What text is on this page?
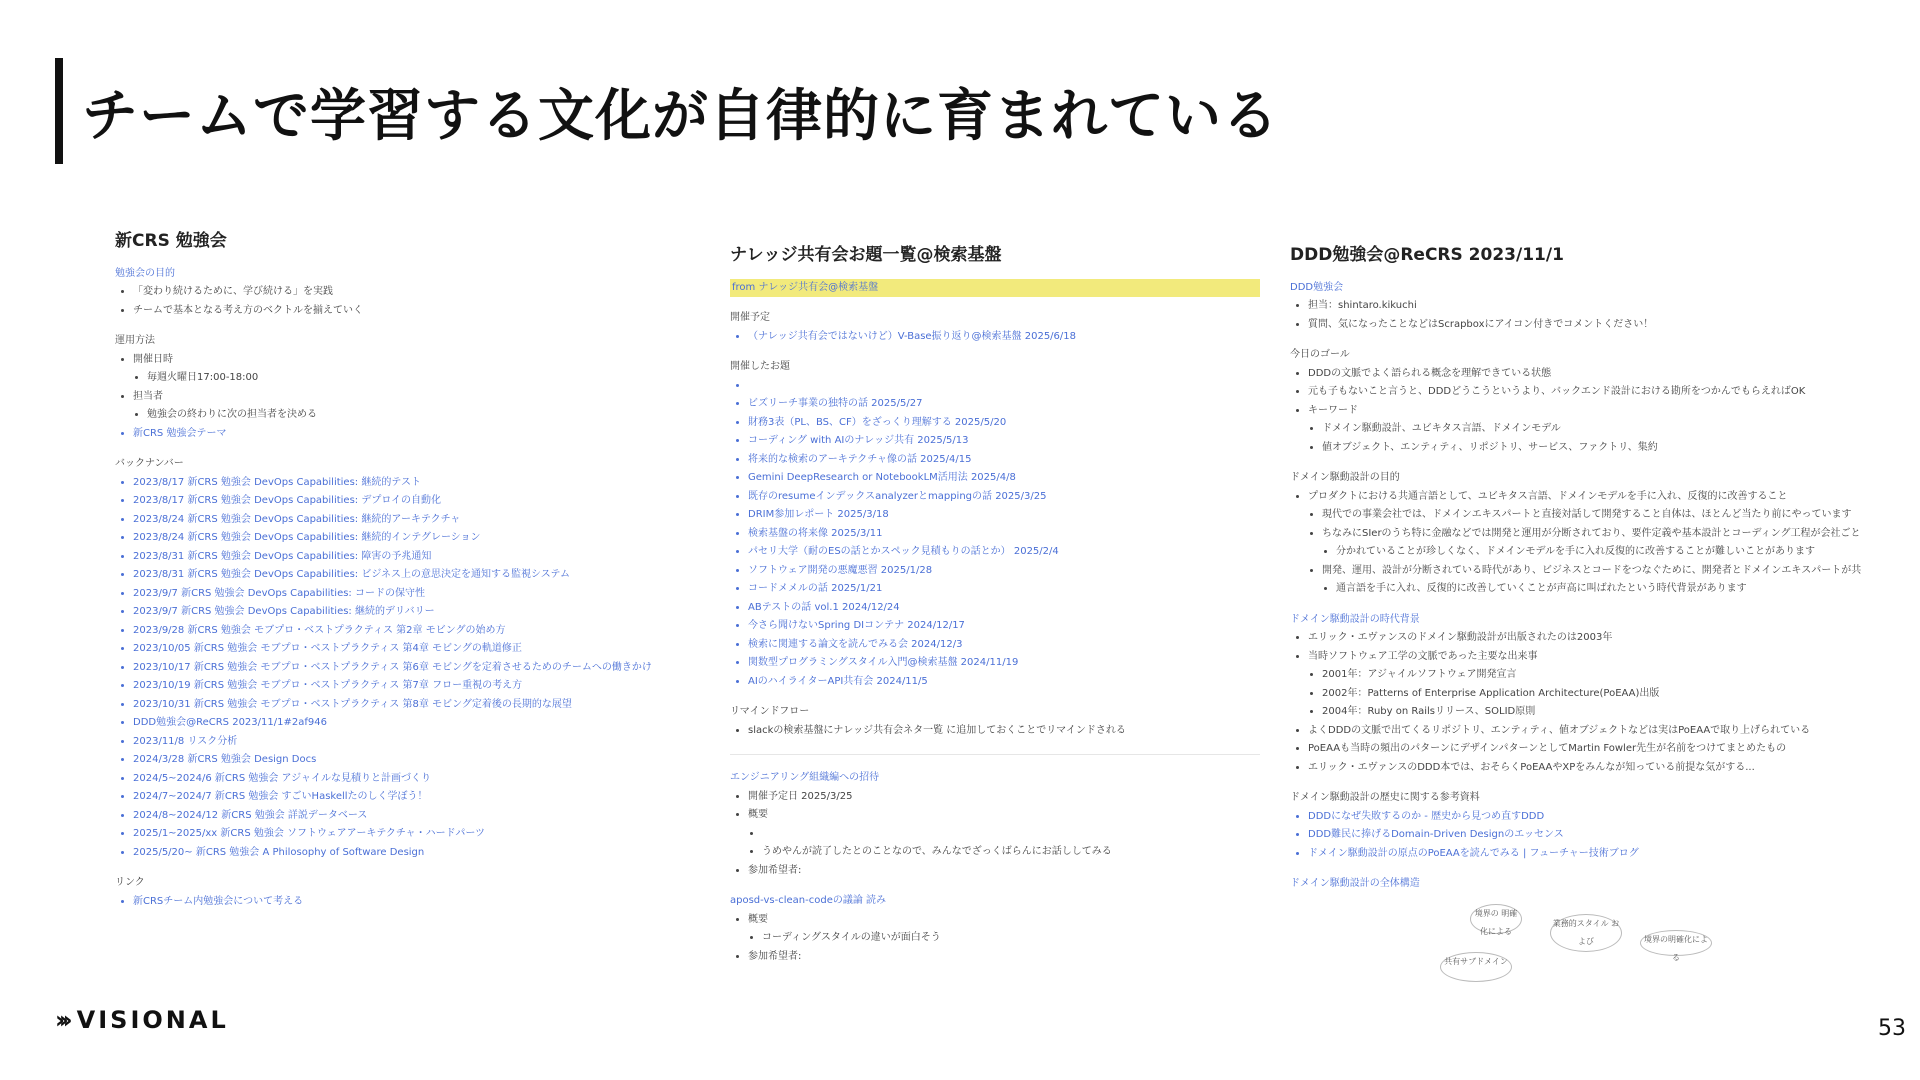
チームで学習する文化が自律的に育まれている
新CRS 勉強会
勉強会の目的
• 「変わり続けるために、学び続ける」を実践
• チームで基本となる考え方のベクトルを揃えていく
運用方法
• 開催日時
• 毎週火曜日17:00-18:00
• 担当者
• 勉強会の終わりに次の担当者を決める
• 新CRS 勉強会テーマ
バックナンバー
• 2023/8/17 新CRS 勉強会 DevOps Capabilities: 継続的テスト
• 2023/8/17 新CRS 勉強会 DevOps Capabilities: デプロイの自動化
• 2023/8/24 新CRS 勉強会 DevOps Capabilities: 継続的アーキテクチャ
• 2023/8/24 新CRS 勉強会 DevOps Capabilities: 継続的インテグレーション
• 2023/8/31 新CRS 勉強会 DevOps Capabilities: 障害の予兆通知
• 2023/8/31 新CRS 勉強会 DevOps Capabilities: ビジネス上の意思決定を通知する監視システム
• 2023/9/7 新CRS 勉強会 DevOps Capabilities: コードの保守性
• 2023/9/7 新CRS 勉強会 DevOps Capabilities: 継続的デリバリー
• 2023/9/28 新CRS 勉強会 モブプロ・ベストプラクティス 第2章 モビングの始め方
• 2023/10/05 新CRS 勉強会 モブプロ・ベストプラクティス 第4章 モビングの軌道修正
• 2023/10/17 新CRS 勉強会 モブプロ・ベストプラクティス 第6章 モビングを定着させるためのチームへの働きかけ
• 2023/10/19 新CRS 勉強会 モブプロ・ベストプラクティス 第7章 フロー重視の考え方
• 2023/10/31 新CRS 勉強会 モブプロ・ベストプラクティス 第8章 モビング定着後の長期的な展望
• DDD勉強会@ReCRS 2023/11/1#2af946
• 2023/11/8 リスク分析
• 2024/3/28 新CRS 勉強会 Design Docs
• 2024/5~2024/6 新CRS 勉強会 アジャイルな見積りと計画づくり
• 2024/7~2024/7 新CRS 勉強会 すごいHaskellたのしく学ぼう！
• 2024/8~2024/12 新CRS 勉強会 詳説データベース
• 2025/1~2025/xx 新CRS 勉強会 ソフトウェアアーキテクチャ・ハードパーツ
• 2025/5/20~ 新CRS 勉強会 A Philosophy of Software Design
リンク
• 新CRSチーム内勉強会について考える
ナレッジ共有会お題一覧@検索基盤
from ナレッジ共有会@検索基盤
開催予定
• （ナレッジ共有会ではないけど）V-Base振り返り@検索基盤 2025/6/18
開催したお題
•
• ビズリーチ事業の独特の話 2025/5/27
• 財務3表（PL、BS、CF）をざっくり理解する 2025/5/20
• コーディング with AIのナレッジ共有 2025/5/13
• 将来的な検索のアーキテクチャ像の話 2025/4/15
• Gemini DeepResearch or NotebookLM活用法 2025/4/8
• 既存のresumeインデックスanalyzerとmappingの話 2025/3/25
• DRIM参加レポート 2025/3/18
• 検索基盤の将来像 2025/3/11
• パセリ大学（耐のESの話とかスペック見積もりの話とか） 2025/2/4
• ソフトウェア開発の悪魔悪習 2025/1/28
• コードメメルの話 2025/1/21
• ABテストの話 vol.1 2024/12/24
• 今さら聞けないSpring DIコンテナ 2024/12/17
• 検索に関連する論文を読んでみる会 2024/12/3
• 関数型プログラミングスタイル入門@検索基盤 2024/11/19
• AIのハイライターAPI共有会 2024/11/5
リマインドフロー
• slackの検索基盤にナレッジ共有会ネタ一覧 に追加しておくことでリマインドされる
エンジニアリング組織編への招待
• 開催予定日 2025/3/25
• 概要
•
• うめやんが読了したとのことなので、みんなでざっくばらんにお話ししてみる
• 参加希望者:
aposd-vs-clean-codeの議論 読み
• 概要
• コーディングスタイルの違いが面白そう
• 参加希望者:
DDD勉強会@ReCRS 2023/11/1
DDD勉強会
• 担当：shintaro.kikuchi
• 質問、気になったことなどはScrapboxにアイコン付きでコメントください！
今日のゴール
• DDDの文脈でよく語られる概念を理解できている状態
• 元も子もないこと言うと、DDDどうこうというより、バックエンド設計における勘所をつかんでもらえればOK
• キーワード
• ドメイン駆動設計、ユビキタス言語、ドメインモデル
• 値オブジェクト、エンティティ、リポジトリ、サービス、ファクトリ、集約
ドメイン駆動設計の目的
• プロダクトにおける共通言語として、ユビキタス言語、ドメインモデルを手に入れ、反復的に改善すること
• 現代での事業会社では、ドメインエキスパートと直接対話して開発すること自体は、ほとんど当たり前にやっています
• ちなみにSIerのうち特に金融などでは開発と運用が分断されており、要件定義や基本設計とコーディング工程が会社ごと
• 分かれていることが珍しくなく、ドメインモデルを手に入れ反復的に改善することが難しいことがあります
• 開発、運用、設計が分断されている時代があり、ビジネスとコードをつなぐために、開発者とドメインエキスパートが共
• 通言語を手に入れ、反復的に改善していくことが声高に叫ばれたという時代背景があります
ドメイン駆動設計の時代背景
• エリック・エヴァンスのドメイン駆動設計が出版されたのは2003年
• 当時ソフトウェア工学の文脈であった主要な出来事
• 2001年：アジャイルソフトウェア開発宣言
• 2002年：Patterns of Enterprise Application Architecture(PoEAA)出版
• 2004年：Ruby on Railsリリース、SOLID原則
• よくDDDの文脈で出てくるリポジトリ、エンティティ、値オブジェクトなどは実はPoEAAで取り上げられている
• PoEAAも当時の頻出のパターンにデザインパターンとしてMartin Fowler先生が名前をつけてまとめたもの
• エリック・エヴァンスのDDD本では、おそらくPoEAAやXPをみんなが知っている前提な気がする...
ドメイン駆動設計の歴史に関する参考資料
• DDDになぜ失敗するのか - 歴史から見つめ直すDDD
• DDD難民に捧げるDomain-Driven Designのエッセンス
• ドメイン駆動設計の原点のPoEAAを読んでみる | フューチャー技術ブログ
ドメイン駆動設計の全体構造
境界の 明確化による
業務的スタイル および	境界の明確化による
共有サブドメイン
››› VISIONAL	53
